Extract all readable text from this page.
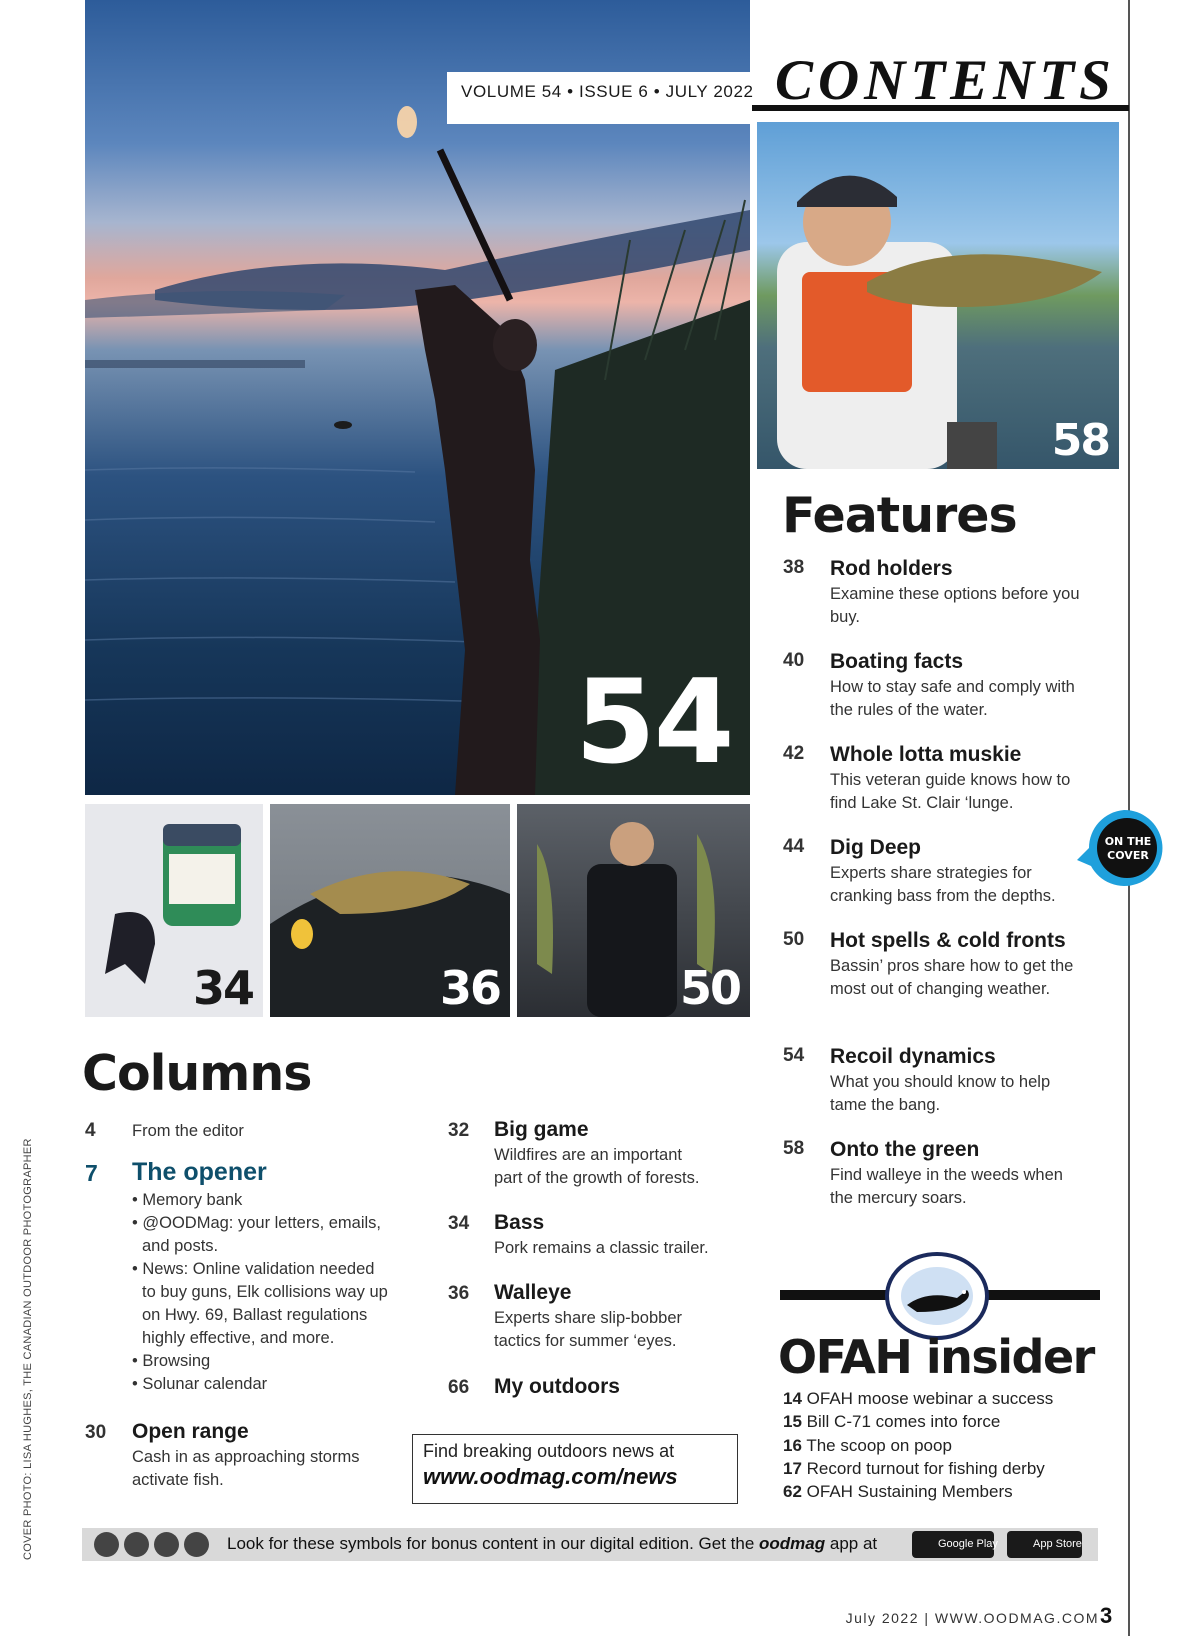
54
VOLUME 54 • ISSUE 6 • JULY 2022 CONTENTS
58
34	36	50
Features
38 Rod holders
Examine these options before you buy.
40 Boating facts
How to stay safe and comply with the rules of the water.
42 Whole lotta muskie
This veteran guide knows how to find Lake St. Clair ‘lunge.
44 Dig Deep
Experts share strategies for cranking bass from the depths.
50 Hot spells & cold fronts
Bassin’ pros share how to get the most out of changing weather.
54 Recoil dynamics
What you should know to help tame the bang.
58 Onto the green
Find walleye in the weeds when the mercury soars.
ON THE
COVER
Columns
4 From the editor
7 The opener
• Memory bank
• @OODMag: your letters, emails,
and posts.
• News: Online validation needed
to buy guns, Elk collisions way up
on Hwy. 69, Ballast regulations
highly effective, and more.
• Browsing
• Solunar calendar
30 Open range
Cash in as approaching storms
activate fish.
32 Big game
Wildfires are an important
part of the growth of forests.
34 Bass
Pork remains a classic trailer.
36 Walleye
Experts share slip-bobber
tactics for summer ‘eyes.
66 My outdoors
Find breaking outdoors news at
www.oodmag.com/news
OFAH insider
14 OFAH moose webinar a success
15 Bill C-71 comes into force
16 The scoop on poop
17 Record turnout for fishing derby
62 OFAH Sustaining Members
Look for these symbols for bonus content in our digital edition. Get the oodmag app at	Google Play	App Store
July 2022 | WWW.OODMAG.COM 3
COVER PHOTO: LISA HUGHES, THE CANADIAN OUTDOOR PHOTOGRAPHER
